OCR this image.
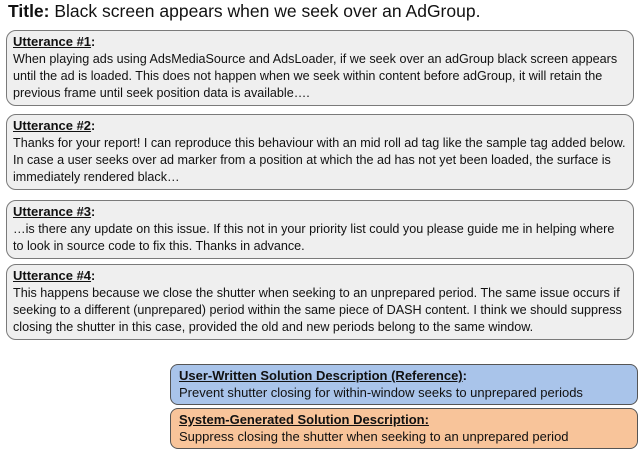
Title: Black screen appears when we seek over an AdGroup.
Utterance #1:
When playing ads using AdsMediaSource and AdsLoader, if we seek over an adGroup black screen appears until the ad is loaded. This does not happen when we seek within content before adGroup, it will retain the previous frame until seek position data is available….
Utterance #2:
Thanks for your report! I can reproduce this behaviour with an mid roll ad tag like the sample tag added below. In case a user seeks over ad marker from a position at which the ad has not yet been loaded, the surface is immediately rendered black…
Utterance #3:
…is there any update on this issue. If this not in your priority list could you please guide me in helping where to look in source code to fix this. Thanks in advance.
Utterance #4:
This happens because we close the shutter when seeking to an unprepared period. The same issue occurs if seeking to a different (unprepared) period within the same piece of DASH content. I think we should suppress closing the shutter in this case, provided the old and new periods belong to the same window.
User-Written Solution Description (Reference):
Prevent shutter closing for within-window seeks to unprepared periods
System-Generated Solution Description:
Suppress closing the shutter when seeking to an unprepared period
